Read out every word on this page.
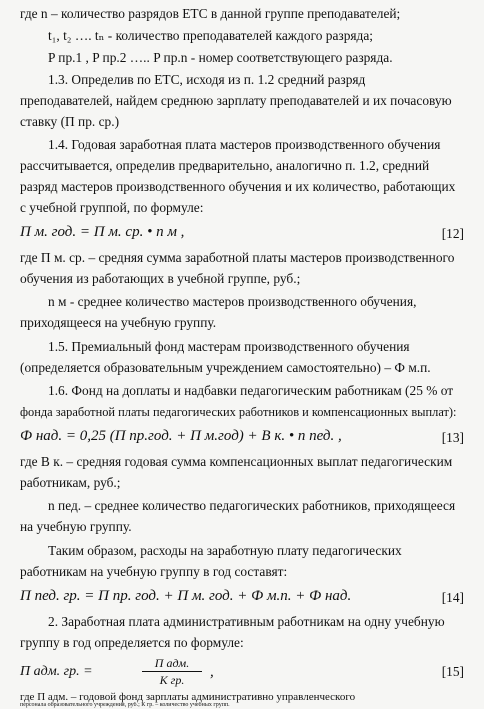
где n – количество разрядов ЕТС в данной группе преподавателей;
t₁, t₂ …. tₙ - количество преподавателей каждого разряда;
P пр.1 , P пр.2 ….. P пр.n - номер соответствующего разряда.
1.3. Определив по ЕТС, исходя из п. 1.2 средний разряд
преподавателей, найдем среднюю зарплату преподавателей и их почасовую
ставку (П пр. ср.)
1.4. Годовая заработная плата мастеров производственного обучения
рассчитывается, определив предварительно, аналогично п. 1.2, средний
разряд мастеров производственного обучения и их количество, работающих
с учебной группой, по формуле:
П м. год. = П м. ср. • n м ,	[12]
где П м. ср. – средняя сумма заработной платы мастеров производственного
обучения из работающих в учебной группе, руб.;
n м - среднее количество мастеров производственного обучения,
приходящееся на учебную группу.
1.5. Премиальный фонд мастерам производственного обучения
(определяется образовательным учреждением самостоятельно) – Ф м.п.
1.6. Фонд на доплаты и надбавки педагогическим работникам (25 % от
фонда заработной платы педагогических работников и компенсационных выплат):
Ф над. = 0,25 (П пр.год. + П м.год) + В к. • n пед. ,	[13]
где В к. – средняя годовая сумма компенсационных выплат педагогическим
работникам, руб.;
n пед. – среднее количество педагогических работников, приходящееся
на учебную группу.
Таким образом, расходы на заработную плату педагогических
работникам на учебную группу в год составят:
П пед. гр. = П пр. год. + П м. год. + Ф м.п. + Ф над.	[14]
2. Заработная плата административным работникам на одну учебную
группу в год определяется по формуле:
П адм. гр. =
П адм.
К гр.	,	[15]
где П адм. – годовой фонд зарплаты административно управленческого
персонала образовательного учреждения, руб.; К гр. – количество учебных групп.
